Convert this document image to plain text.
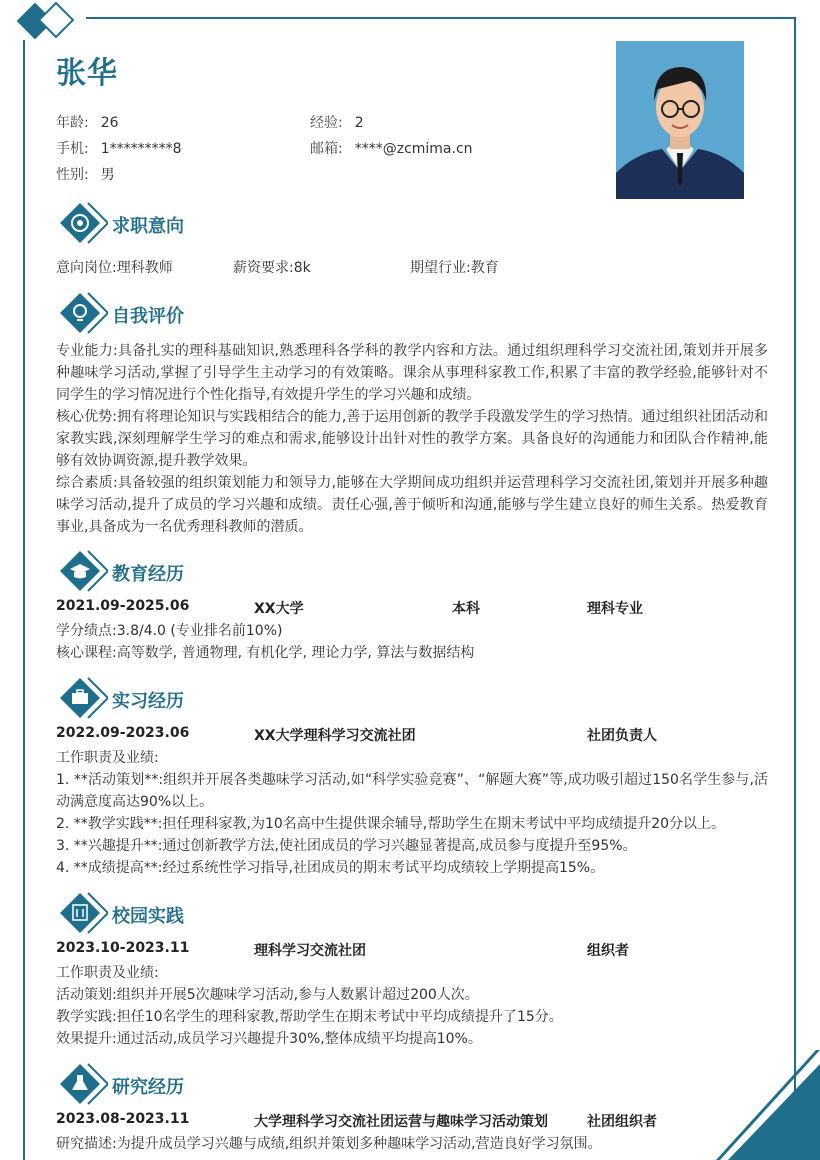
张华
年龄: 26	经验: 2
手机: 1*********8	邮箱: ****@zcmima.cn
性别: 男
求职意向
意向岗位:理科教师	薪资要求:8k	期望行业:教育
自我评价

专业能力:具备扎实的理科基础知识,熟悉理科各学科的教学内容和方法。通过组织理科学习交流社团,策划并开展多种趣味学习活动,掌握了引导学生主动学习的有效策略。课余从事理科家教工作,积累了丰富的教学经验,能够针对不同学生的学习情况进行个性化指导,有效提升学生的学习兴趣和成绩。

核心优势:拥有将理论知识与实践相结合的能力,善于运用创新的教学手段激发学生的学习热情。通过组织社团活动和家教实践,深刻理解学生学习的难点和需求,能够设计出针对性的教学方案。具备良好的沟通能力和团队合作精神,能够有效协调资源,提升教学效果。

综合素质:具备较强的组织策划能力和领导力,能够在大学期间成功组织并运营理科学习交流社团,策划并开展多种趣味学习活动,提升了成员的学习兴趣和成绩。责任心强,善于倾听和沟通,能够与学生建立良好的师生关系。热爱教育事业,具备成为一名优秀理科教师的潜质。

教育经历
2021.09-2025.06	XX大学	本科	理科专业
学分绩点:3.8/4.0 (专业排名前10%)
核心课程:高等数学, 普通物理, 有机化学, 理论力学, 算法与数据结构
实习经历
2022.09-2023.06	XX大学理科学习交流社团	社团负责人
工作职责及业绩:

1. **活动策划**:组织并开展各类趣味学习活动,如“科学实验竞赛”、“解题大赛”等,成功吸引超过150名学生参与,活动满意度高达90%以上。

2. **教学实践**:担任理科家教,为10名高中生提供课余辅导,帮助学生在期末考试中平均成绩提升20分以上。

3. **兴趣提升**:通过创新教学方法,使社团成员的学习兴趣显著提高,成员参与度提升至95%。

4. **成绩提高**:经过系统性学习指导,社团成员的期末考试平均成绩较上学期提高15%。

校园实践
2023.10-2023.11	理科学习交流社团	组织者
工作职责及业绩:
活动策划:组织并开展5次趣味学习活动,参与人数累计超过200人次。
教学实践:担任10名学生的理科家教,帮助学生在期末考试中平均成绩提升了15分。
效果提升:通过活动,成员学习兴趣提升30%,整体成绩平均提高10%。
研究经历
2023.08-2023.11	大学理科学习交流社团运营与趣味学习活动策划	社团组织者
研究描述:为提升成员学习兴趣与成绩,组织并策划多种趣味学习活动,营造良好学习氛围。
